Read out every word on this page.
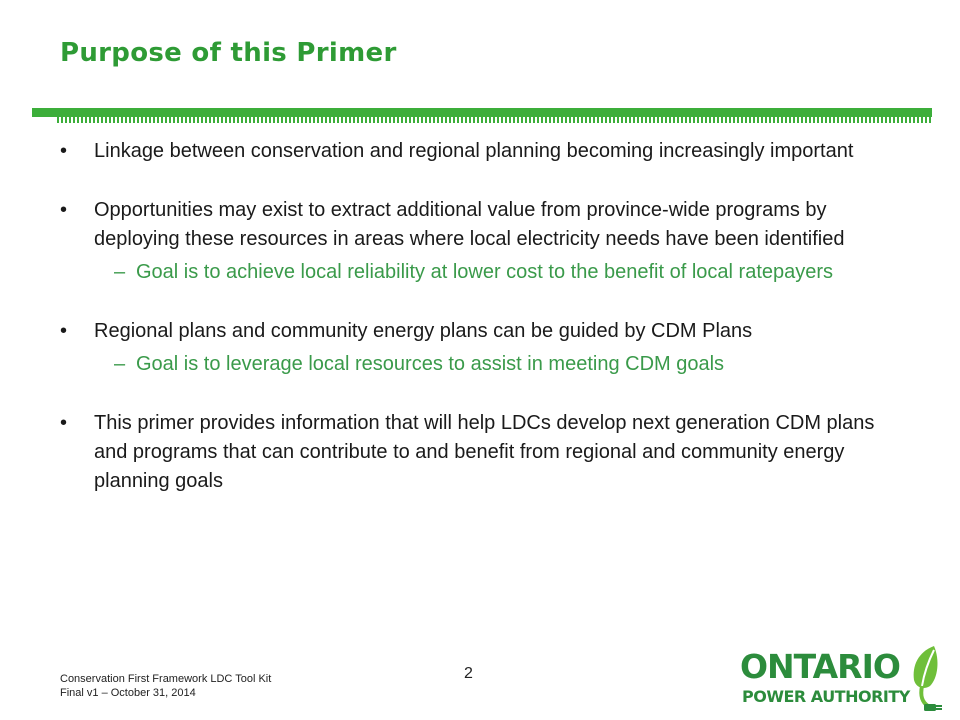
Purpose of this Primer
• Linkage between conservation and regional planning becoming increasingly important
• Opportunities may exist to extract additional value from province-wide programs by deploying these resources in areas where local electricity needs have been identified
– Goal is to achieve local reliability at lower cost to the benefit of local ratepayers
• Regional plans and community energy plans can be guided by CDM Plans
– Goal is to leverage local resources to assist in meeting CDM goals
• This primer provides information that will help LDCs develop next generation CDM plans and programs that can contribute to and benefit from regional and community energy planning goals
Conservation First Framework LDC Tool Kit
Final v1 – October 31, 2014
2	ONTARIO
POWER AUTHORITY
